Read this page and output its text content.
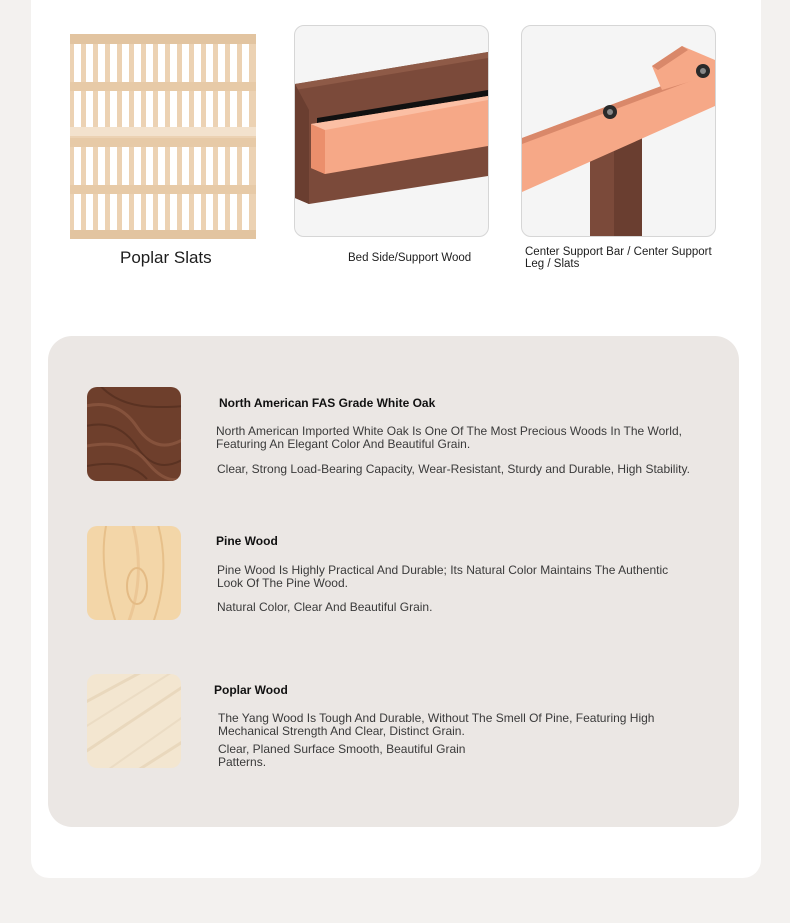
Poplar Slats	Bed Side/Support Wood	Center Support Bar / Center Support Leg / Slats
North American FAS Grade White Oak
North American Imported White Oak Is One Of The Most Precious Woods In The World, Featuring An Elegant Color And Beautiful Grain.
Clear, Strong Load-Bearing Capacity, Wear-Resistant, Sturdy and Durable, High Stability.
Pine Wood
Pine Wood Is Highly Practical And Durable; Its Natural Color Maintains The Authentic Look Of The Pine Wood.
Natural Color, Clear And Beautiful Grain.
Poplar Wood
The Yang Wood Is Tough And Durable, Without The Smell Of Pine, Featuring High Mechanical Strength And Clear, Distinct Grain.
Clear, Planed Surface Smooth, Beautiful Grain Patterns.
